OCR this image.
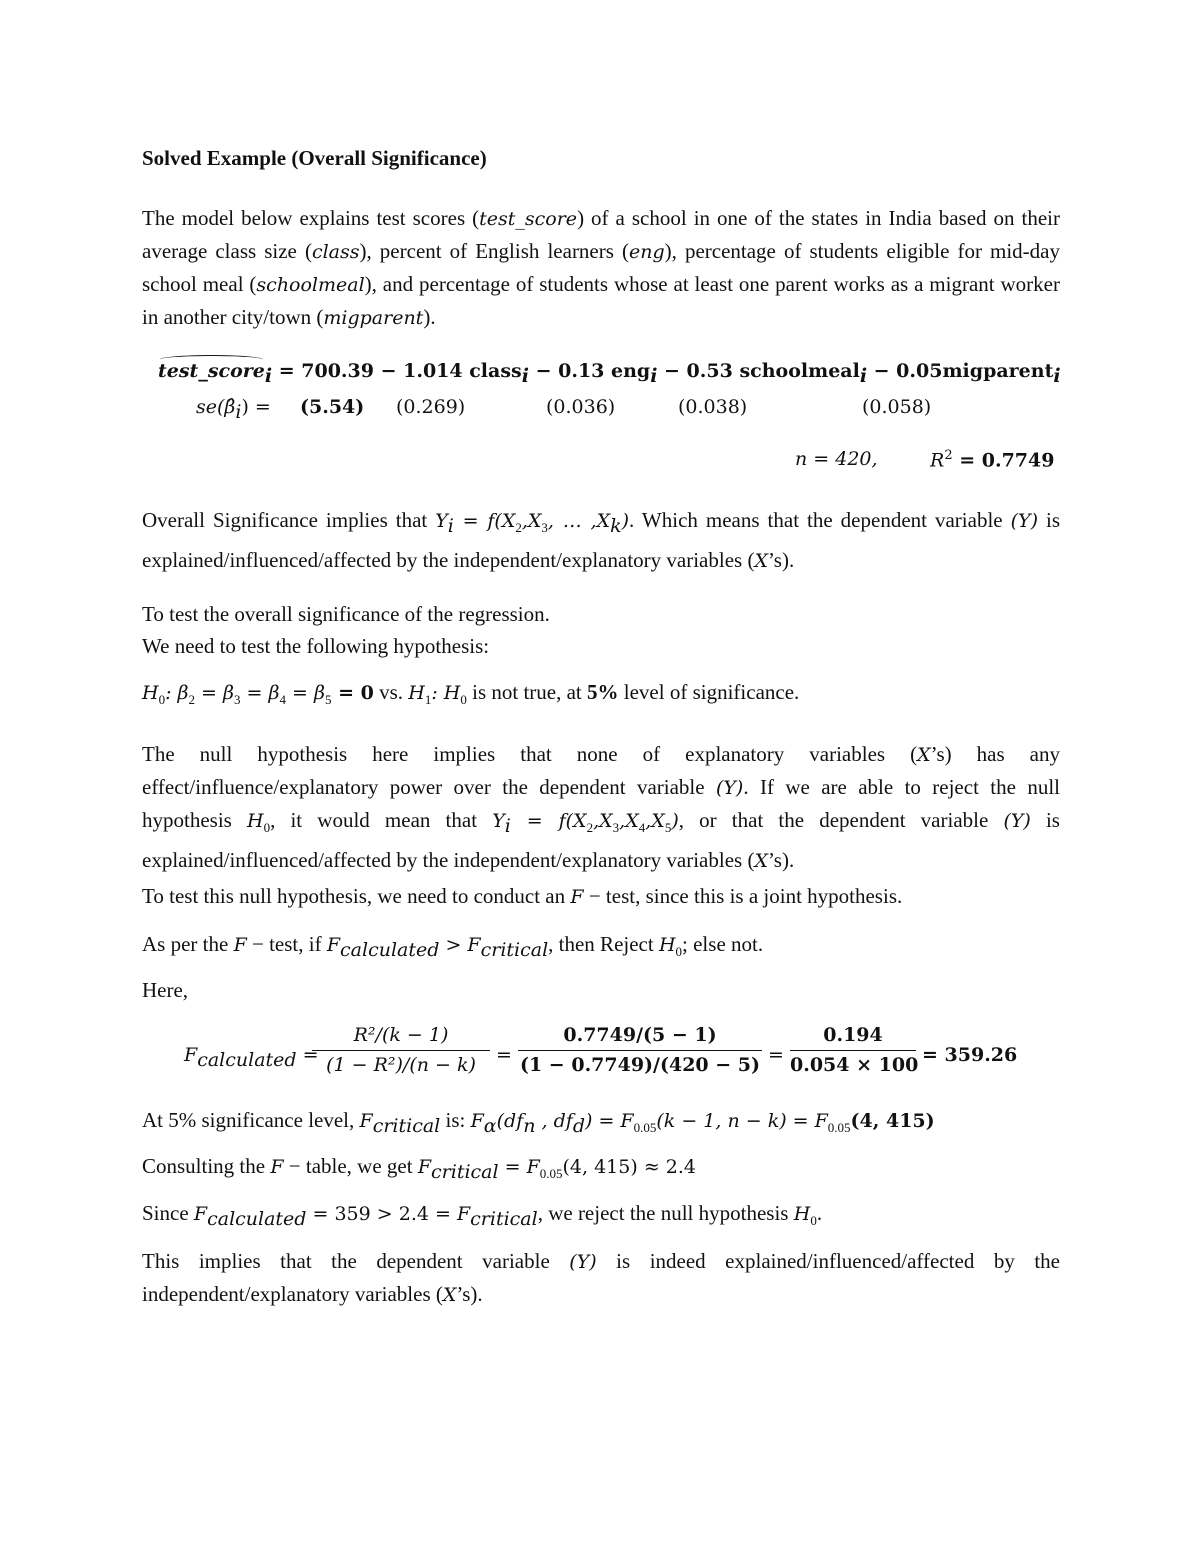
Solved Example (Overall Significance)

The model below explains test scores (test_score) of a school in one of the states in India based on their average class size (class), percent of English learners (eng), percentage of students eligible for mid-day school meal (schoolmeal), and percentage of students whose at least one parent works as a migrant worker in another city/town (migparent).

test_score$_i$ = 700.39 − 1.014 class$_i$ − 0.13 eng$_i$ − 0.53 schoolmeal$_i$ − 0.05migparent$_i$
$se(\betâ_i) = (5.54)$ (0.269)	(0.036)	(0.038)	(0.058)
n = 420,	$R^2 = 0.7749$

Overall Significance implies that $Y_i = f(X_2,X_3$, … $,X_k$). Which means that the dependent variable (Y) is explained/influenced/affected by the independent/explanatory variables (X’s).

To test the overall significance of the regression.

We need to test the following hypothesis:

$H_0$: $\beta_2 = \beta_3 = \beta_4 = \beta_5 = 0$ vs. $H_1$: $H_0$ is not true, at 5% level of significance.

The null hypothesis here implies that none of explanatory variables (X’s) has any effect/influence/explanatory power over the dependent variable (Y). If we are able to reject the null hypothesis $H_0$, it would mean that $Y_i = f(X_2,X_3,X_4,X_5)$, or that the dependent variable (Y) is explained/influenced/affected by the independent/explanatory variables (X’s).

To test this null hypothesis, we need to conduct an F − test, since this is a joint hypothesis.

As per the F − test, if $F_{calculated} > F_{critical}$, then Reject $H_0$; else not.

Here,

$F_{calculated}$ =
$\frac{\text{R²/(k − 1)}}{\text{(1 − R²)/(n − k)}} = \frac{0.7749/(5 - 1)}{(1 - 0.7749)/(420 - 5)} = \frac{0.194}{0.054 \times 100} = 359.26$

At 5% significance level, $F_{critical}$ is: $F_\alpha(df_n$ , $df_d) = F_{0.05}(k - 1$, $n - k) = F_{0.05}(4$, 415)

Consulting the F − table, we get $F_{critical} = F_{0.05}(4$, 415) ≈ 2.4

Since $F_{calculated} = 359 > 2.4 = F_{critical}$, we reject the null hypothesis $H_0$.

This implies that the dependent variable (Y) is indeed explained/influenced/affected by the independent/explanatory variables (X’s).
